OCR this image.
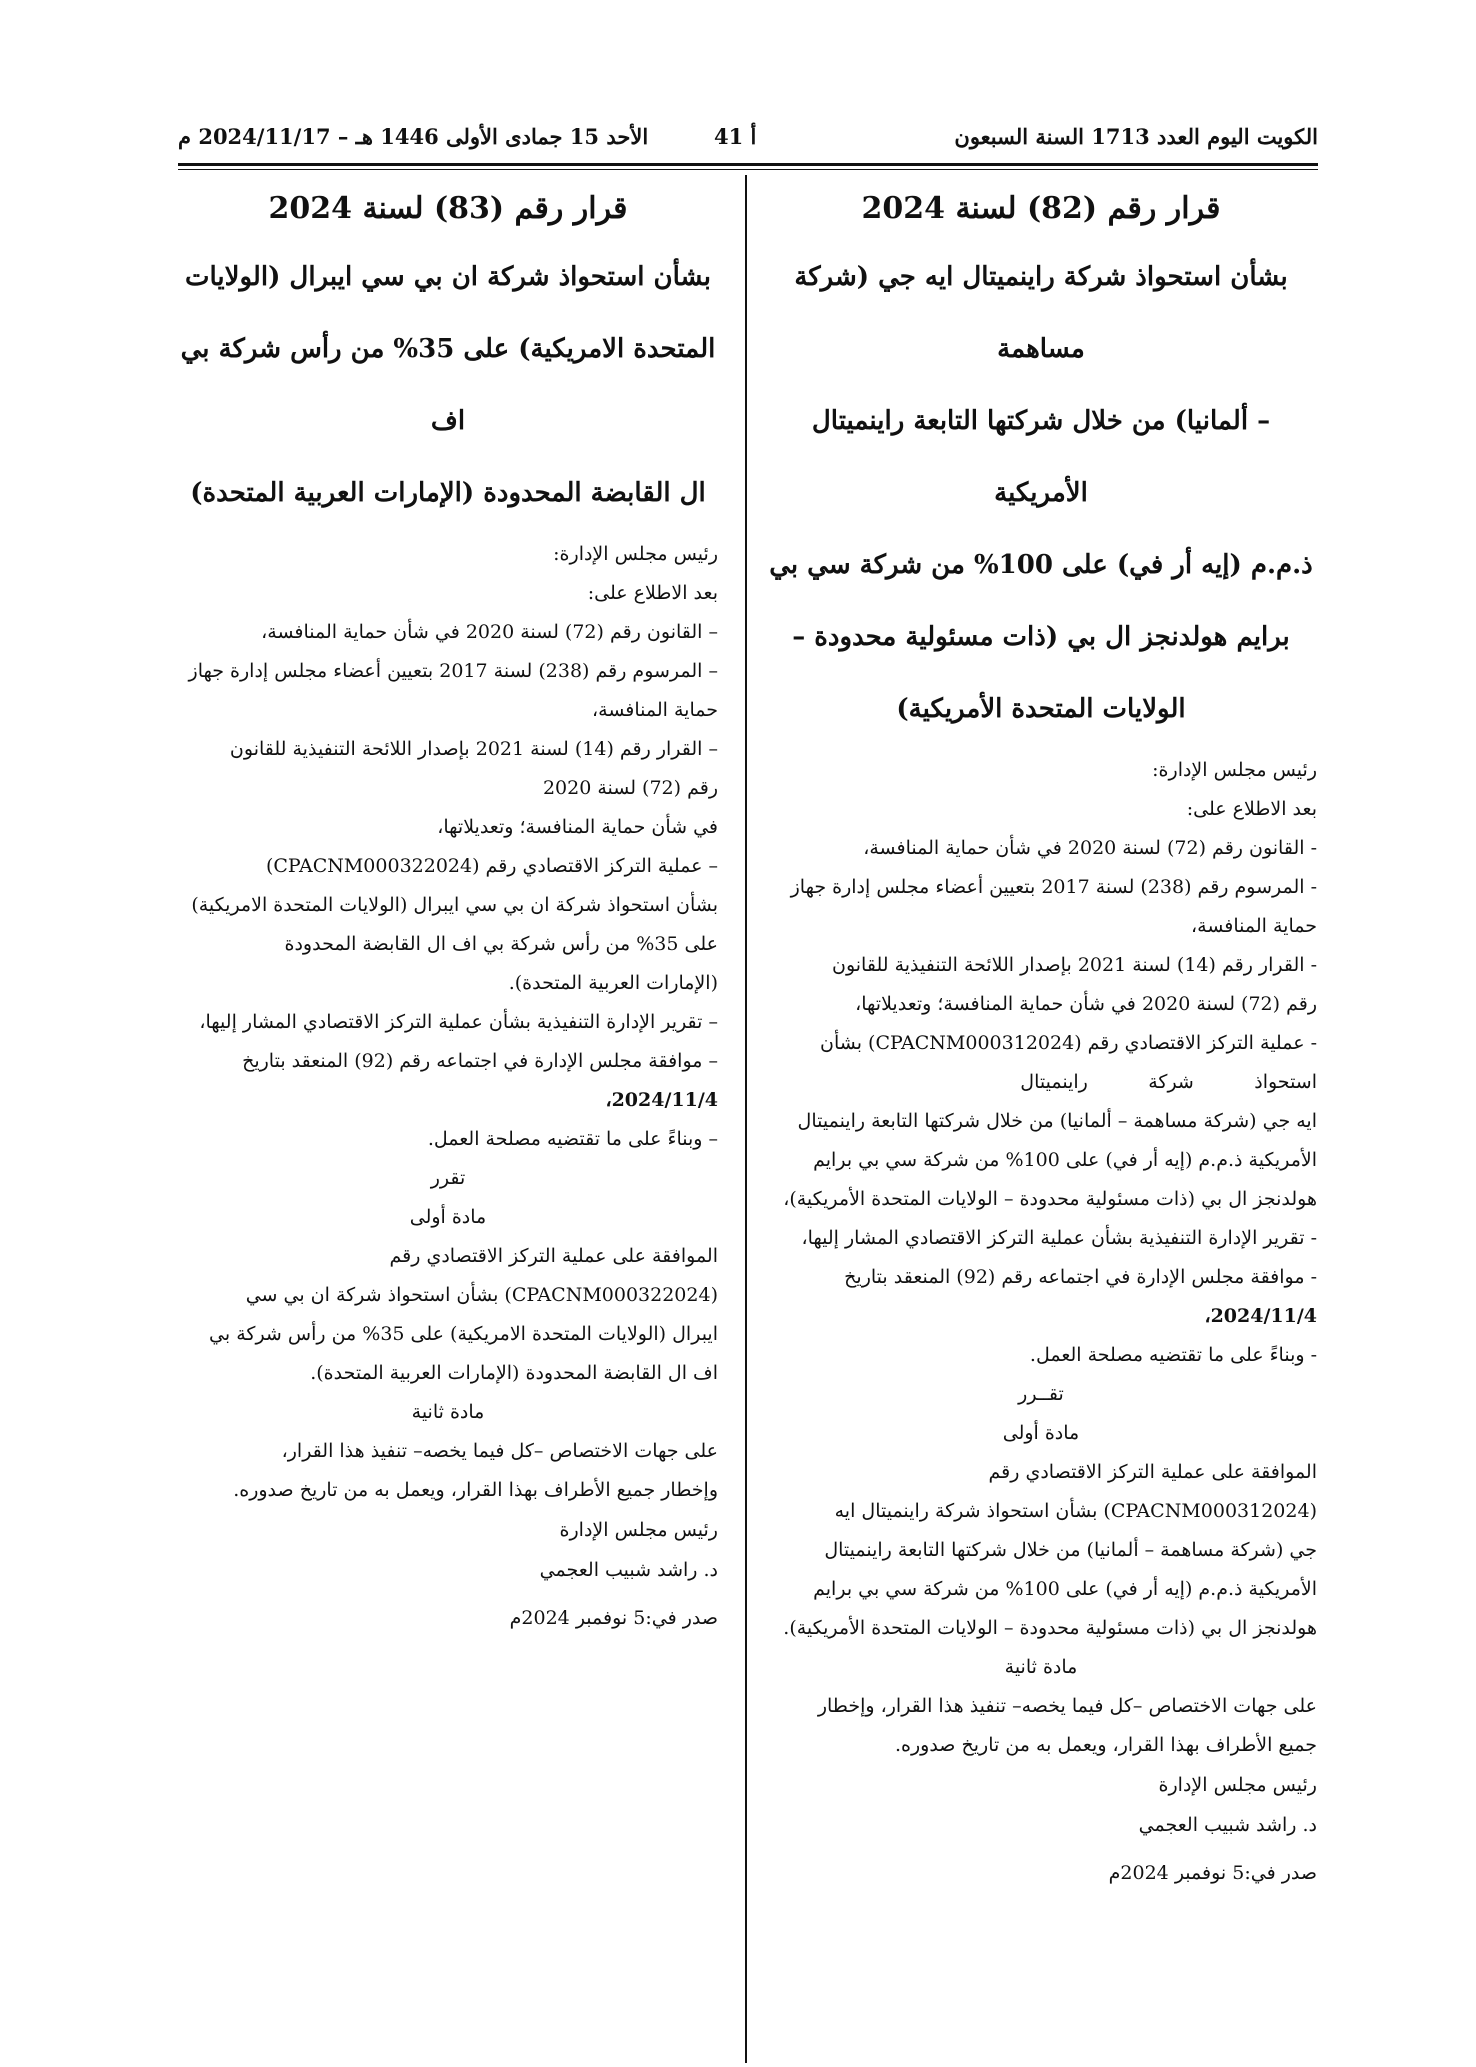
الكويت اليوم العدد 1713 السنة السبعون
أ 41
الأحد 15 جمادى الأولى 1446 هـ – 2024/11/17 م
قرار رقم (82) لسنة 2024
بشأن استحواذ شركة راينميتال ايه جي (شركة مساهمة
– ألمانيا) من خلال شركتها التابعة راينميتال الأمريكية
ذ.م.م (إيه أر في) على 100% من شركة سي بي
برايم هولدنجز ال بي (ذات مسئولية محدودة –
الولايات المتحدة الأمريكية)

رئيس مجلس الإدارة:

بعد الاطلاع على:

- القانون رقم (72) لسنة 2020 في شأن حماية المنافسة،

- المرسوم رقم (238) لسنة 2017 بتعيين أعضاء مجلس إدارة جهاز

حماية المنافسة،

- القرار رقم (14) لسنة 2021 بإصدار اللائحة التنفيذية للقانون

رقم (72) لسنة 2020 في شأن حماية المنافسة؛ وتعديلاتها،

- عملية التركز الاقتصادي رقم (CPACNM000312024) بشأن

استحواذ          شركة          راينميتال

ايه جي (شركة مساهمة – ألمانيا) من خلال شركتها التابعة راينميتال

الأمريكية ذ.م.م (إيه أر في) على 100% من شركة سي بي برايم

هولدنجز ال بي (ذات مسئولية محدودة – الولايات المتحدة الأمريكية)،

- تقرير الإدارة التنفيذية بشأن عملية التركز الاقتصادي المشار إليها،

- موافقة مجلس الإدارة في اجتماعه رقم (92) المنعقد بتاريخ

2024/11/4،

- وبناءً على ما تقتضيه مصلحة العمل.

تقــرر

مادة أولى

الموافقة على عملية التركز الاقتصادي رقم

(CPACNM000312024) بشأن استحواذ شركة راينميتال ايه

جي (شركة مساهمة – ألمانيا) من خلال شركتها التابعة راينميتال

الأمريكية ذ.م.م (إيه أر في) على 100% من شركة سي بي برايم

هولدنجز ال بي (ذات مسئولية محدودة – الولايات المتحدة الأمريكية).

مادة ثانية

على جهات الاختصاص –كل فيما يخصه– تنفيذ هذا القرار، وإخطار

جميع الأطراف بهذا القرار، ويعمل به من تاريخ صدوره.

رئيس مجلس الإدارة
د. راشد شبيب العجمي
صدر في:5 نوفمبر 2024م
قرار رقم (83) لسنة 2024
بشأن استحواذ شركة ان بي سي ايبرال (الولايات
المتحدة الامريكية) على 35% من رأس شركة بي اف
ال القابضة المحدودة (الإمارات العربية المتحدة)

رئيس مجلس الإدارة:

بعد الاطلاع على:

– القانون رقم (72) لسنة 2020 في شأن حماية المنافسة،

– المرسوم رقم (238) لسنة 2017 بتعيين أعضاء مجلس إدارة جهاز

حماية المنافسة،

– القرار رقم (14) لسنة 2021 بإصدار اللائحة التنفيذية للقانون

رقم (72) لسنة 2020

في شأن حماية المنافسة؛ وتعديلاتها،

– عملية التركز الاقتصادي رقم (CPACNM000322024)

بشأن استحواذ شركة ان بي سي ايبرال (الولايات المتحدة الامريكية)

على 35% من رأس شركة بي اف ال القابضة المحدودة

(الإمارات العربية المتحدة).

– تقرير الإدارة التنفيذية بشأن عملية التركز الاقتصادي المشار إليها،

– موافقة مجلس الإدارة في اجتماعه رقم (92) المنعقد بتاريخ

2024/11/4،

– وبناءً على ما تقتضيه مصلحة العمل.

تقرر

مادة أولى

الموافقة على عملية التركز الاقتصادي رقم

(CPACNM000322024) بشأن استحواذ شركة ان بي سي

ايبرال (الولايات المتحدة الامريكية) على 35% من رأس شركة بي

اف ال القابضة المحدودة (الإمارات العربية المتحدة).

مادة ثانية

على جهات الاختصاص –كل فيما يخصه– تنفيذ هذا القرار،

وإخطار جميع الأطراف بهذا القرار، ويعمل به من تاريخ صدوره.

رئيس مجلس الإدارة
د. راشد شبيب العجمي
صدر في:5 نوفمبر 2024م
